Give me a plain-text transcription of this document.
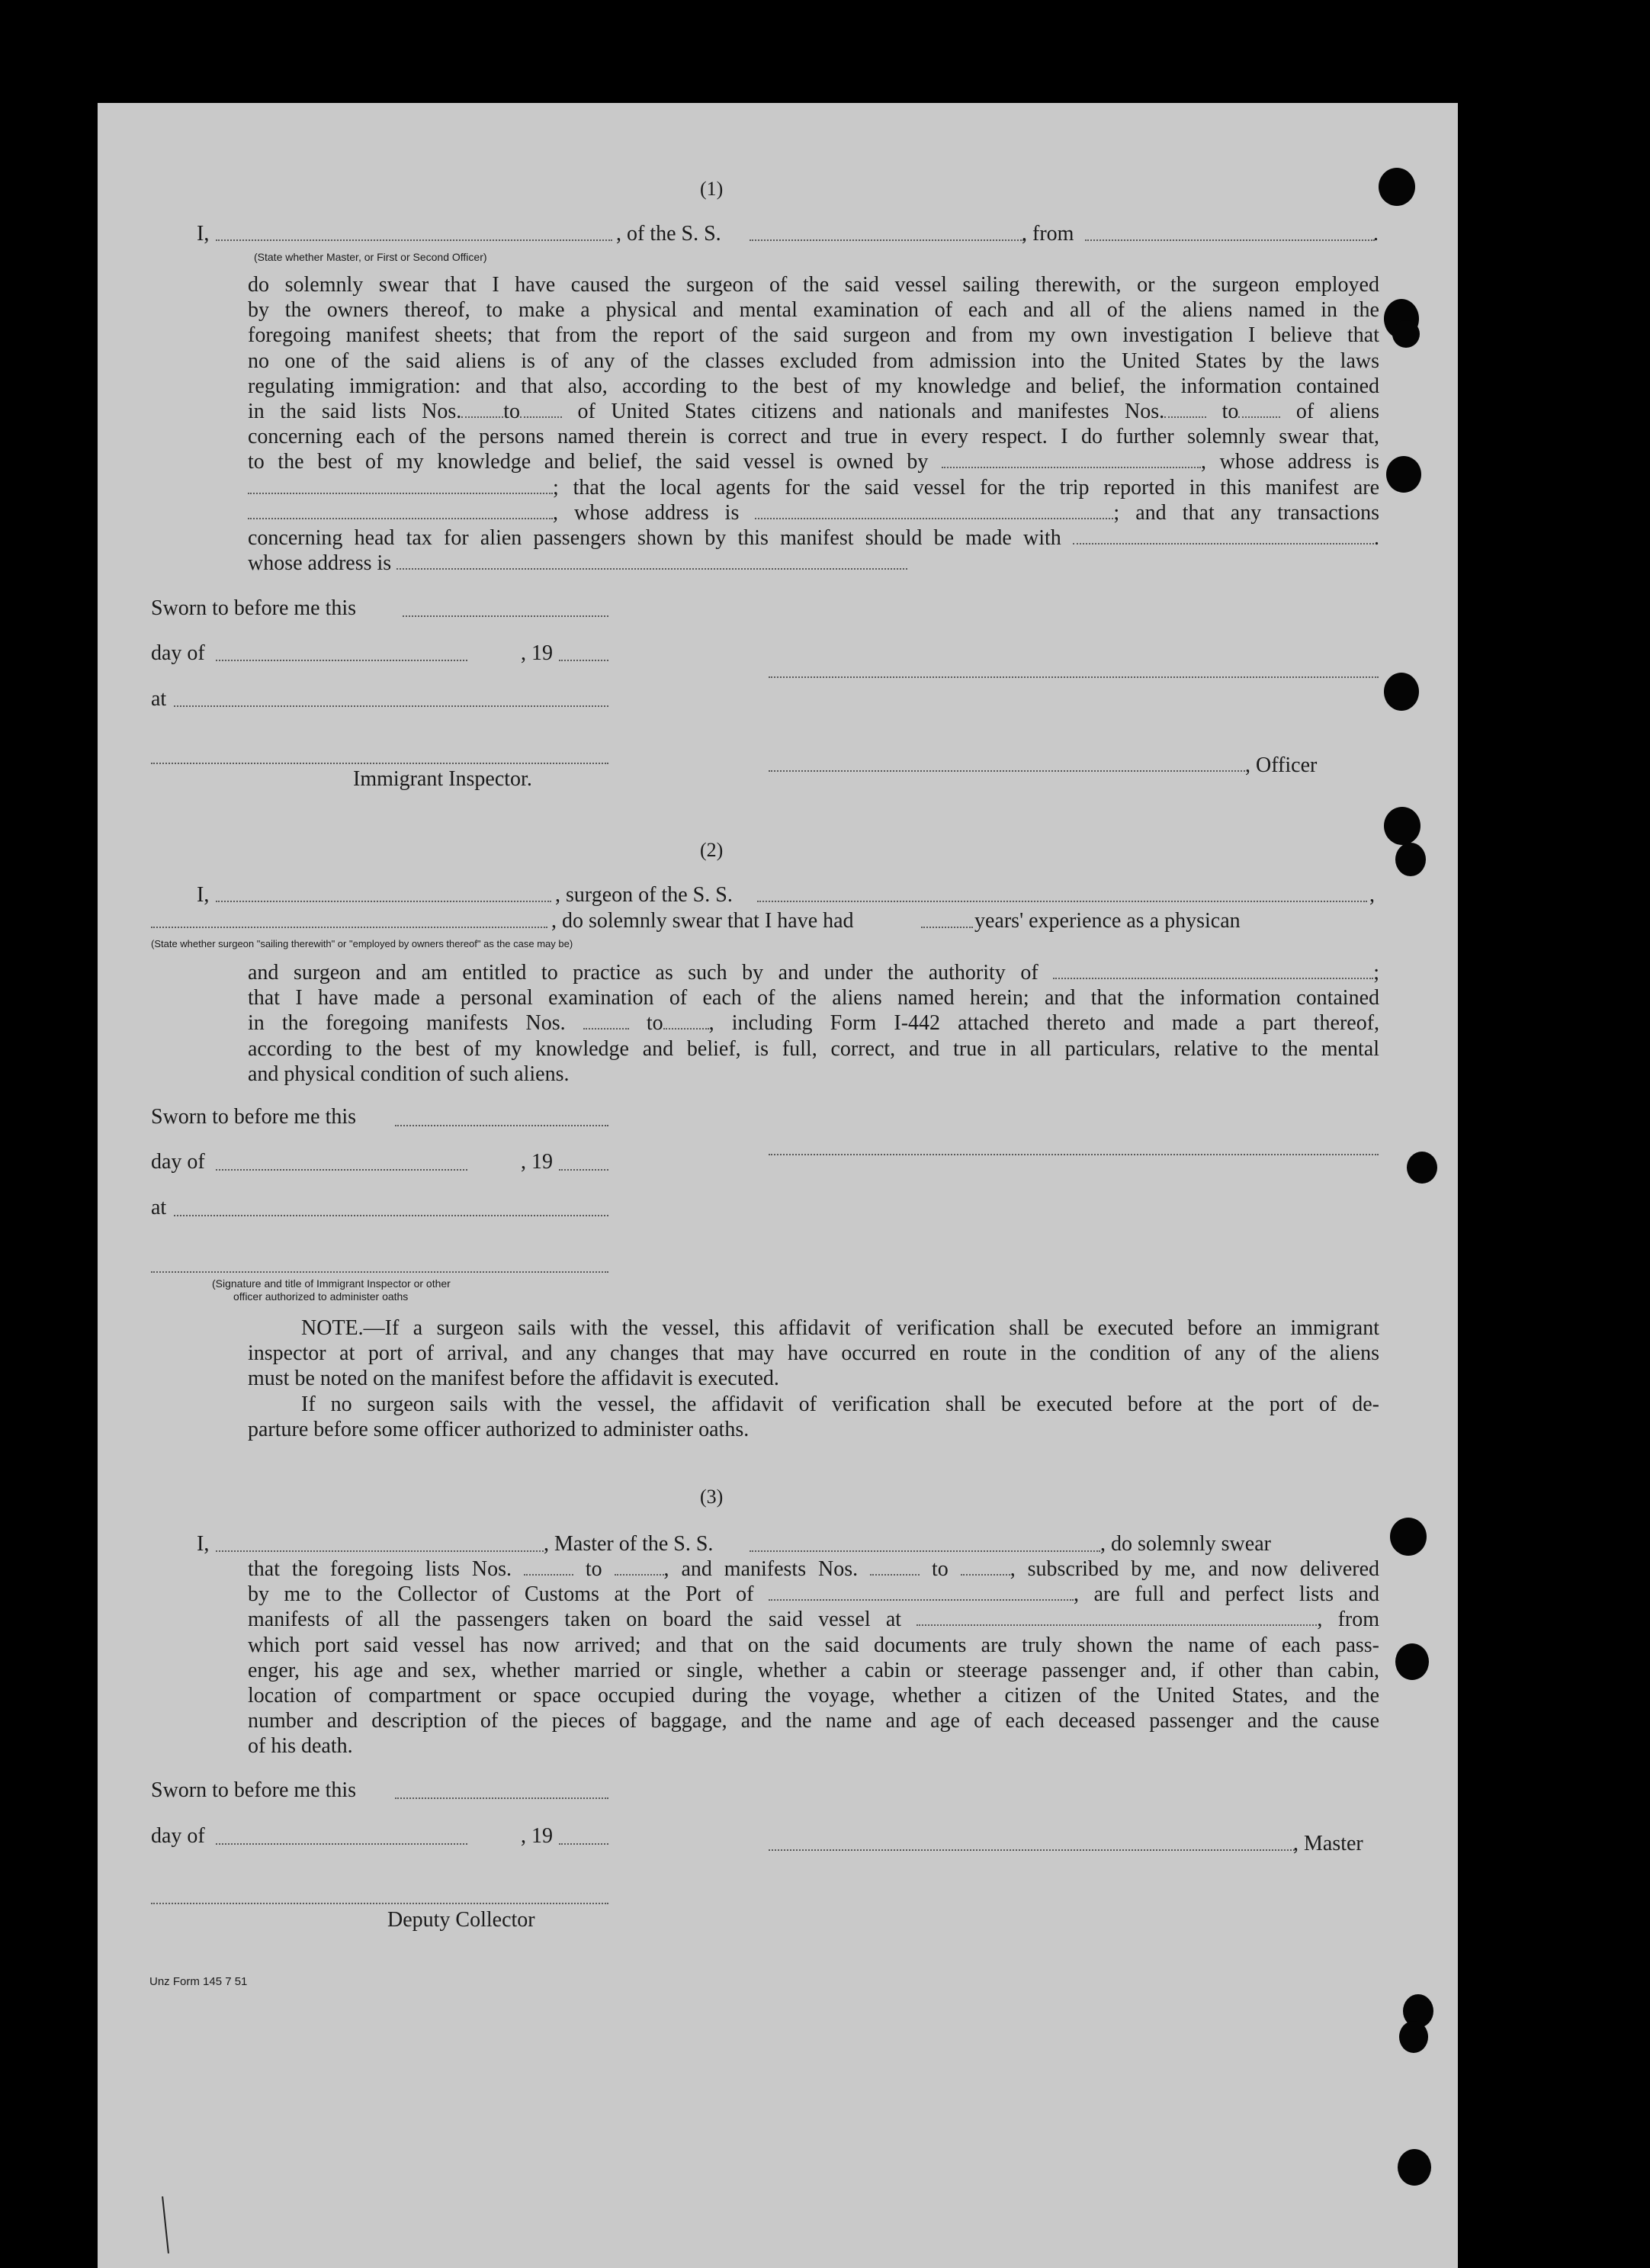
(1)
I,	, of the S. S.	, from	.
(State whether Master, or First or Second Officer)
do solemnly swear that I have caused the surgeon of the said vessel sailing therewith, or the surgeon employed
by the owners thereof, to make a physical and mental examination of each and all of the aliens named in the
foregoing manifest sheets; that from the report of the said surgeon and from my own investigation I believe that
no one of the said aliens is of any of the classes excluded from admission into the United States by the laws
regulating immigration: and that also, according to the best of my knowledge and belief, the information contained
in the said lists Nos. to	of United States citizens and nationals and manifestes Nos.	to	of aliens
concerning each of the persons named therein is correct and true in every respect. I do further solemnly swear that,
to the best of my knowledge and belief, the said vessel is owned by	, whose address is
; that the local agents for the said vessel for the trip reported in this manifest are
, whose address is	; and that any transactions
concerning head tax for alien passengers shown by this manifest should be made with	.
whose address is
Sworn to before me this
day of	, 19
at
, Officer
Immigrant Inspector.
(2)
I,	, surgeon of the S. S.	,
, do solemnly swear that I have had	years' experience as a physican
(State whether surgeon "sailing therewith" or "employed by owners thereof" as the case may be)
and surgeon and am entitled to practice as such by and under the authority of	;
that I have made a personal examination of each of the aliens named herein; and that the information contained
in the foregoing manifests Nos.	to , including Form I-442 attached thereto and made a part thereof,
according to the best of my knowledge and belief, is full, correct, and true in all particulars, relative to the mental
and physical condition of such aliens.
Sworn to before me this
day of	, 19
at
(Signature and title of Immigrant Inspector or other
officer authorized to administer oaths
NOTE.—If a surgeon sails with the vessel, this affidavit of verification shall be executed before an immigrant
inspector at port of arrival, and any changes that may have occurred en route in the condition of any of the aliens
must be noted on the manifest before the affidavit is executed.
If no surgeon sails with the vessel, the affidavit of verification shall be executed before at the port of de-
parture before some officer authorized to administer oaths.
(3)
I,	, Master of the S. S.	, do solemnly swear
that the foregoing lists Nos.	to	, and manifests Nos.	to	, subscribed by me, and now delivered
by me to the Collector of Customs at the Port of	, are full and perfect lists and
manifests of all the passengers taken on board the said vessel at	, from
which port said vessel has now arrived; and that on the said documents are truly shown the name of each pass-
enger, his age and sex, whether married or single, whether a cabin or steerage passenger and, if other than cabin,
location of compartment or space occupied during the voyage, whether a citizen of the United States, and the
number and description of the pieces of baggage, and the name and age of each deceased passenger and the cause
of his death.
Sworn to before me this
day of	, 19	, Master
Deputy Collector
Unz Form 145 7 51
